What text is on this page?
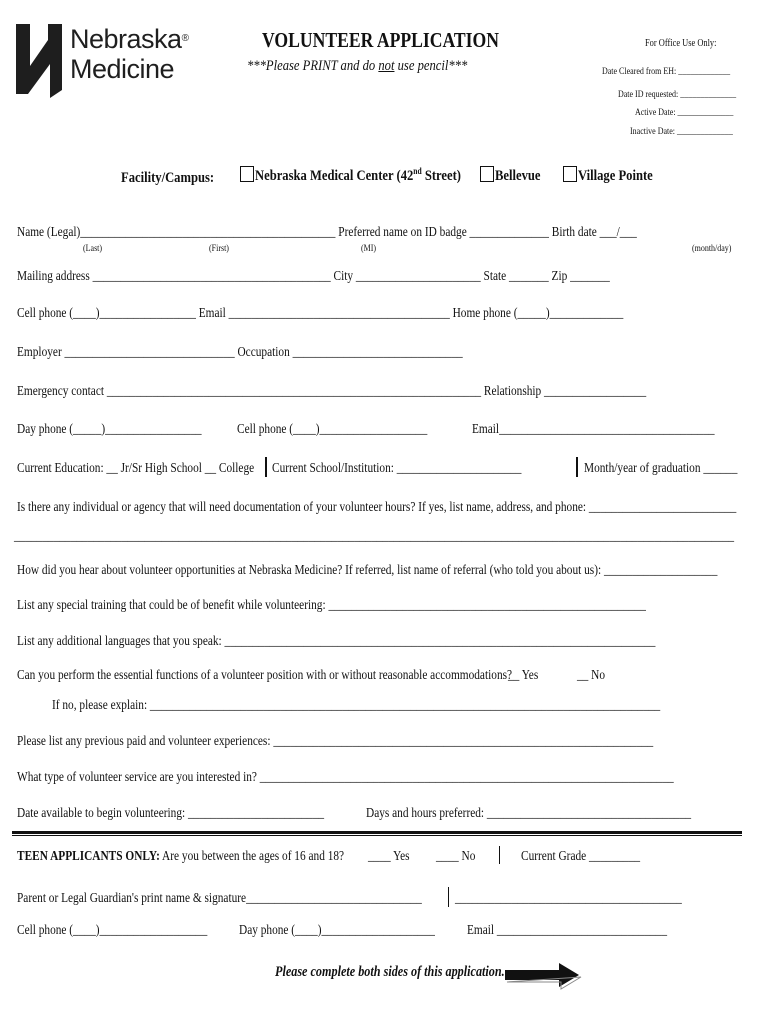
Nebraska®
Medicine
VOLUNTEER APPLICATION
***Please PRINT and do not use pencil***
For Office Use Only:
Date Cleared from EH: _____________
Date ID requested: ______________
Active Date: ______________
Inactive Date: ______________
Facility/Campus:	Nebraska Medical Center (42nd Street)	Bellevue	Village Pointe
Name (Legal)_____________________________________________ Preferred name on ID badge ______________ Birth date ___/___
(Last)	(First)	(MI)	(month/day)
Mailing address __________________________________________ City ______________________ State _______ Zip _______
Cell phone (____)_________________ Email _______________________________________ Home phone (_____)_____________
Employer ______________________________ Occupation ______________________________
Emergency contact __________________________________________________________________ Relationship __________________
Day phone (_____)_________________	Cell phone (____)___________________	Email______________________________________
Current Education: __ Jr/Sr High School __ College	Current School/Institution: ______________________	Month/year of graduation ______
Is there any individual or agency that will need documentation of your volunteer hours? If yes, list name, address, and phone: __________________________
_______________________________________________________________________________________________________________________________
How did you hear about volunteer opportunities at Nebraska Medicine? If referred, list name of referral (who told you about us): ____________________
List any special training that could be of benefit while volunteering: ________________________________________________________
List any additional languages that you speak: ____________________________________________________________________________
Can you perform the essential functions of a volunteer position with or without reasonable accommodations?
__ Yes	__ No
If no, please explain: __________________________________________________________________________________________
Please list any previous paid and volunteer experiences: ___________________________________________________________________
What type of volunteer service are you interested in? _________________________________________________________________________
Date available to begin volunteering: ________________________	Days and hours preferred: ____________________________________
TEEN APPLICANTS ONLY: Are you between the ages of 16 and 18?	____ Yes	____ No	Current Grade _________
Parent or Legal Guardian's print name & signature_______________________________	________________________________________
Cell phone (____)___________________	Day phone (____)____________________	Email ______________________________
Please complete both sides of this application.
